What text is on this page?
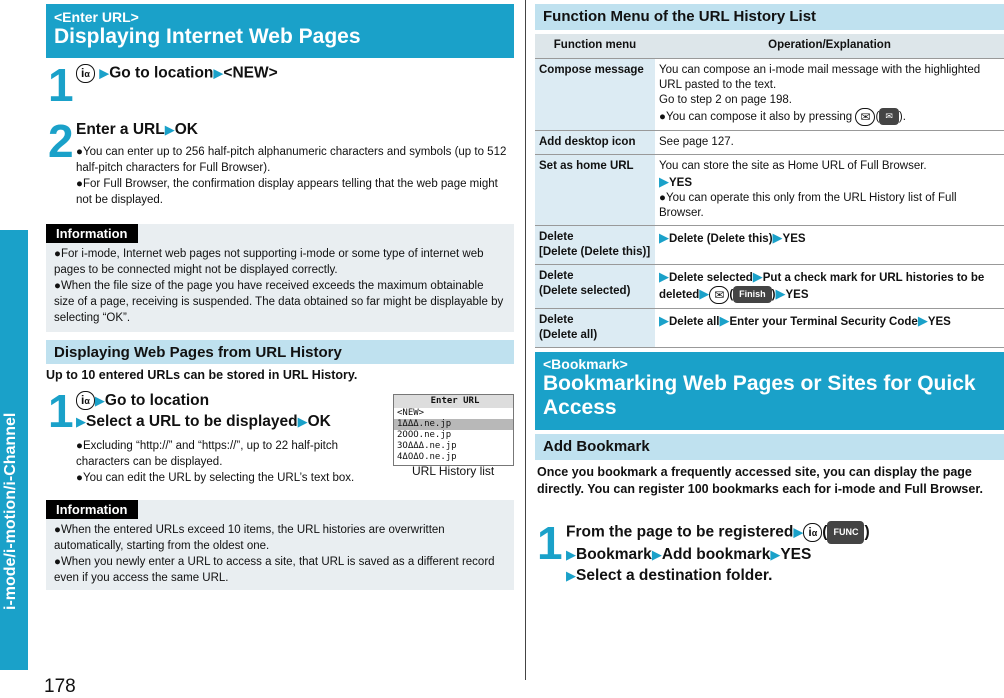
i-mode/i-motion/i-Channel
178
<Enter URL>
Displaying Internet Web Pages
1 iα ▶Go to location▶<NEW>
2 Enter a URL▶OK
●You can enter up to 256 half-pitch alphanumeric characters and symbols (up to 512 half-pitch characters for Full Browser).
●For Full Browser, the confirmation display appears telling that the web page might not be displayed.
Information
●For i-mode, Internet web pages not supporting i-mode or some type of internet web pages to be connected might not be displayed correctly.
●When the file size of the page you have received exceeds the maximum obtainable size of a page, receiving is suspended. The data obtained so far might be displayable by selecting “OK”.
Displaying Web Pages from URL History
Up to 10 entered URLs can be stored in URL History.
1 iα ▶Go to location
▶Select a URL to be displayed▶OK
●Excluding “http://” and “https://”, up to 22 half-pitch characters can be displayed.
●You can edit the URL by selecting the URL’s text box.
Enter URL
<NEW>
1ΔΔΔ.ne.jp
2ΟΟΟ.ne.jp
3ΟΔΔΔ.ne.jp
4ΔΟΔΟ.ne.jp
URL History list
Information
●When the entered URLs exceed 10 items, the URL histories are overwritten automatically, starting from the oldest one.
●When you newly enter a URL to access a site, that URL is saved as a different record even if you access the same URL.
Function Menu of the URL History List
Function menu	Operation/Explanation
Compose message	You can compose an i-mode mail message with the highlighted URL pasted to the text.
Go to step 2 on page 198.
●You can compose it also by pressing ✉ ( ✉ ).

Add desktop icon	See page 127.
Set as home URL	You can store the site as Home URL of Full Browser.
▶YES
●You can operate this only from the URL History list of Full Browser.

Delete
[Delete (Delete this)]	▶Delete (Delete this)▶YES

Delete
(Delete selected)	▶Delete selected▶Put a check mark for URL histories to be deleted▶ ✉ ( Finish )▶YES

Delete
(Delete all)	▶Delete all▶Enter your Terminal Security Code▶YES
<Bookmark>
Bookmarking Web Pages or Sites for Quick Access
Add Bookmark
Once you bookmark a frequently accessed site, you can display the page directly. You can register 100 bookmarks each for i-mode and Full Browser.
1 From the page to be registered▶ iα ( FUNC )
▶Bookmark▶Add bookmark▶YES
▶Select a destination folder.
